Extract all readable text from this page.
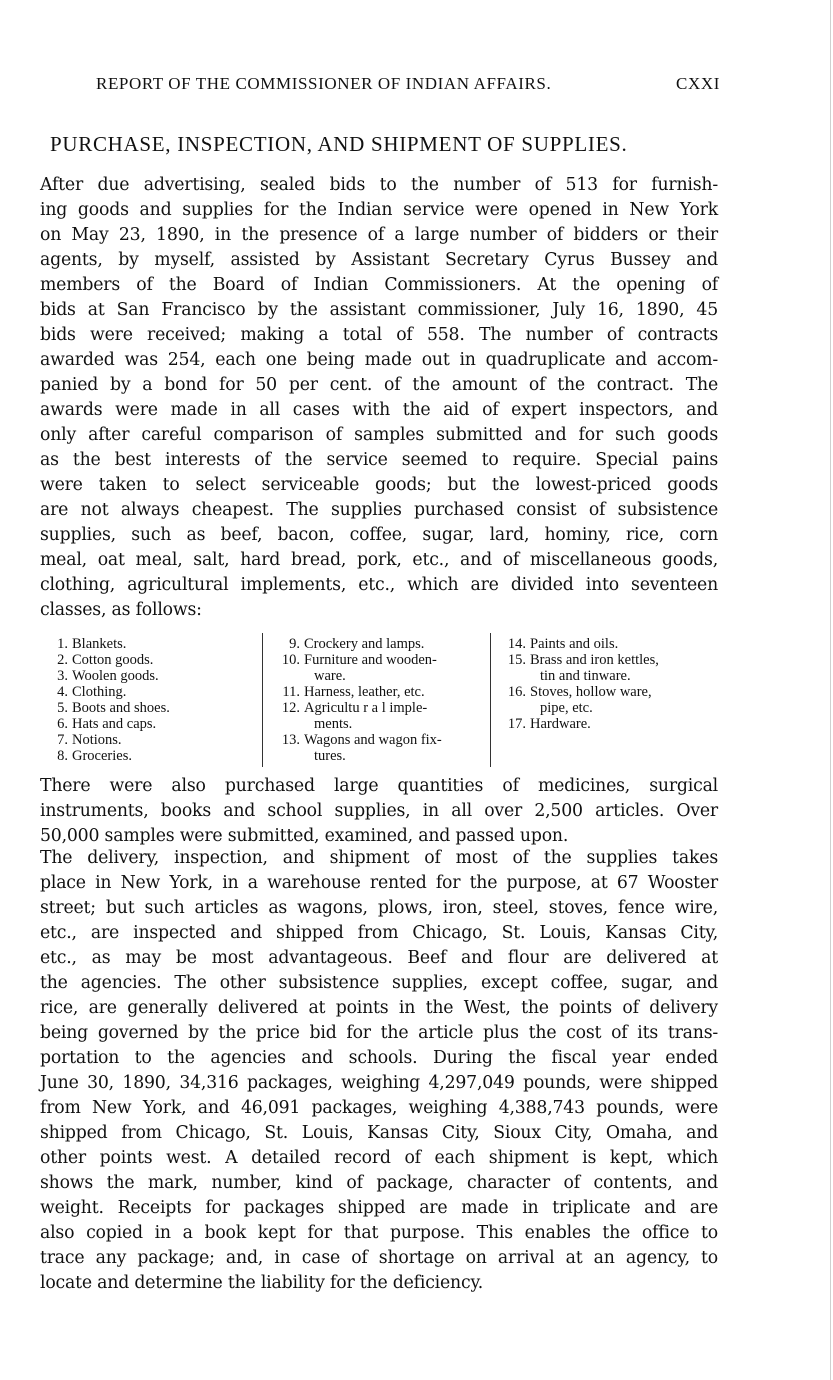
REPORT OF THE COMMISSIONER OF INDIAN AFFAIRS.	CXXI
PURCHASE, INSPECTION, AND SHIPMENT OF SUPPLIES.
After due advertising, sealed bids to the number of 513 for furnish-
ing goods and supplies for the Indian service were opened in New York
on May 23, 1890, in the presence of a large number of bidders or their
agents, by myself, assisted by Assistant Secretary Cyrus Bussey and
members of the Board of Indian Commissioners. At the opening of
bids at San Francisco by the assistant commissioner, July 16, 1890, 45
bids were received; making a total of 558. The number of contracts
awarded was 254, each one being made out in quadruplicate and accom-
panied by a bond for 50 per cent. of the amount of the contract. The
awards were made in all cases with the aid of expert inspectors, and
only after careful comparison of samples submitted and for such goods
as the best interests of the service seemed to require. Special pains
were taken to select serviceable goods; but the lowest-priced goods
are not always cheapest. The supplies purchased consist of subsistence
supplies, such as beef, bacon, coffee, sugar, lard, hominy, rice, corn
meal, oat meal, salt, hard bread, pork, etc., and of miscellaneous goods,
clothing, agricultural implements, etc., which are divided into seventeen
classes, as follows:
1. Blankets.
2. Cotton goods.
3. Woolen goods.
4. Clothing.
5. Boots and shoes.
6. Hats and caps.
7. Notions.
8. Groceries.
9. Crockery and lamps.
10. Furniture and wooden-
ware.
11. Harness, leather, etc.
12. Agricultu r a l imple-
ments.
13. Wagons and wagon fix-
tures.
14. Paints and oils.
15. Brass and iron kettles,
tin and tinware.
16. Stoves, hollow ware,
pipe, etc.
17. Hardware.
There were also purchased large quantities of medicines, surgical
instruments, books and school supplies, in all over 2,500 articles. Over
50,000 samples were submitted, examined, and passed upon.
The delivery, inspection, and shipment of most of the supplies takes
place in New York, in a warehouse rented for the purpose, at 67 Wooster
street; but such articles as wagons, plows, iron, steel, stoves, fence wire,
etc., are inspected and shipped from Chicago, St. Louis, Kansas City,
etc., as may be most advantageous. Beef and flour are delivered at
the agencies. The other subsistence supplies, except coffee, sugar, and
rice, are generally delivered at points in the West, the points of delivery
being governed by the price bid for the article plus the cost of its trans-
portation to the agencies and schools. During the fiscal year ended
June 30, 1890, 34,316 packages, weighing 4,297,049 pounds, were shipped
from New York, and 46,091 packages, weighing 4,388,743 pounds, were
shipped from Chicago, St. Louis, Kansas City, Sioux City, Omaha, and
other points west. A detailed record of each shipment is kept, which
shows the mark, number, kind of package, character of contents, and
weight. Receipts for packages shipped are made in triplicate and are
also copied in a book kept for that purpose. This enables the office to
trace any package; and, in case of shortage on arrival at an agency, to
locate and determine the liability for the deficiency.
